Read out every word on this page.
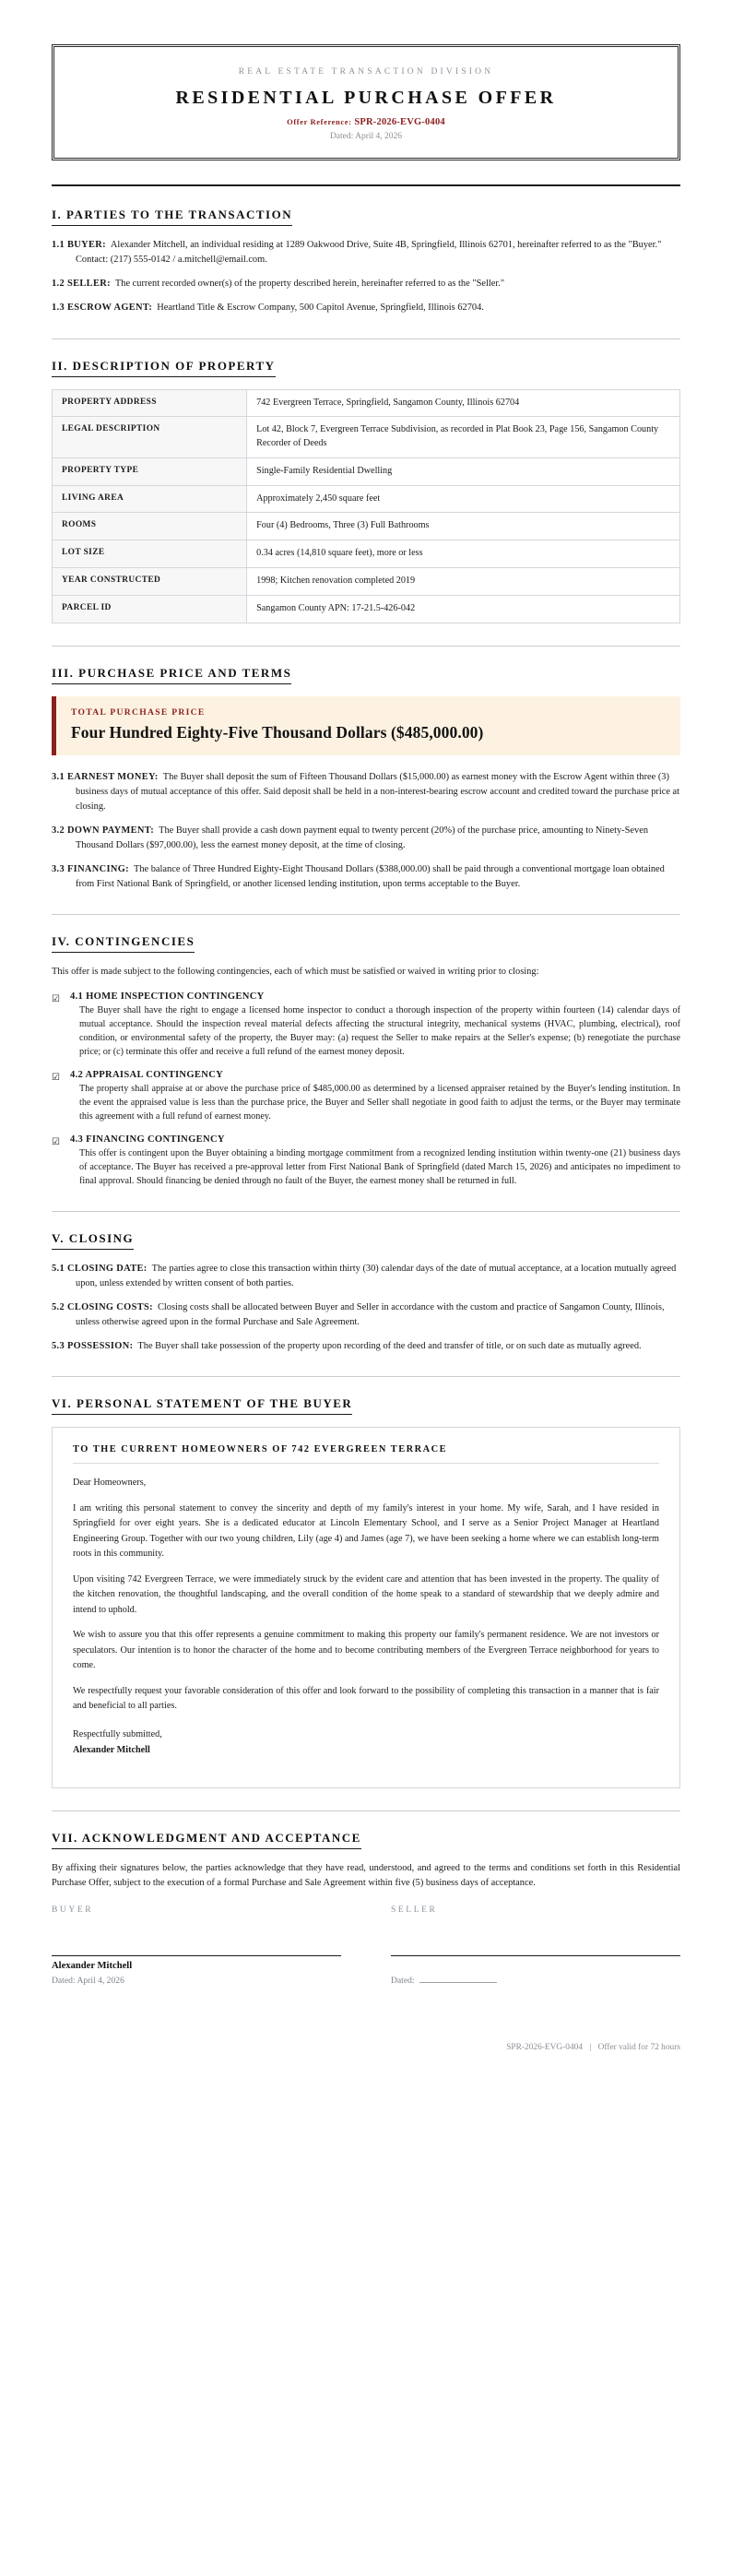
REAL ESTATE TRANSACTION DIVISION
RESIDENTIAL PURCHASE OFFER
Offer Reference: SPR-2026-EVG-0404
Dated: April 4, 2026
I. PARTIES TO THE TRANSACTION

1.1 BUYER: Alexander Mitchell, an individual residing at 1289 Oakwood Drive, Suite 4B, Springfield, Illinois 62701, hereinafter referred to as the "Buyer." Contact: (217) 555-0142 / a.mitchell@email.com.

1.2 SELLER: The current recorded owner(s) of the property described herein, hereinafter referred to as the "Seller."

1.3 ESCROW AGENT: Heartland Title & Escrow Company, 500 Capitol Avenue, Springfield, Illinois 62704.

II. DESCRIPTION OF PROPERTY
PROPERTY ADDRESS	742 Evergreen Terrace, Springfield, Sangamon County, Illinois 62704
LEGAL DESCRIPTION	Lot 42, Block 7, Evergreen Terrace Subdivision, as recorded in Plat Book 23, Page 156, Sangamon County Recorder of Deeds
PROPERTY TYPE	Single-Family Residential Dwelling
LIVING AREA	Approximately 2,450 square feet
ROOMS	Four (4) Bedrooms, Three (3) Full Bathrooms
LOT SIZE	0.34 acres (14,810 square feet), more or less
YEAR CONSTRUCTED	1998; Kitchen renovation completed 2019
PARCEL ID	Sangamon County APN: 17-21.5-426-042
III. PURCHASE PRICE AND TERMS
TOTAL PURCHASE PRICE
Four Hundred Eighty-Five Thousand Dollars ($485,000.00)

3.1 EARNEST MONEY: The Buyer shall deposit the sum of Fifteen Thousand Dollars ($15,000.00) as earnest money with the Escrow Agent within three (3) business days of mutual acceptance of this offer. Said deposit shall be held in a non-interest-bearing escrow account and credited toward the purchase price at closing.

3.2 DOWN PAYMENT: The Buyer shall provide a cash down payment equal to twenty percent (20%) of the purchase price, amounting to Ninety-Seven Thousand Dollars ($97,000.00), less the earnest money deposit, at the time of closing.

3.3 FINANCING: The balance of Three Hundred Eighty-Eight Thousand Dollars ($388,000.00) shall be paid through a conventional mortgage loan obtained from First National Bank of Springfield, or another licensed lending institution, upon terms acceptable to the Buyer.

IV. CONTINGENCIES

This offer is made subject to the following contingencies, each of which must be satisfied or waived in writing prior to closing:

☑	4.1 HOME INSPECTION CONTINGENCY
The Buyer shall have the right to engage a licensed home inspector to conduct a thorough inspection of the property within fourteen (14) calendar days of mutual acceptance. Should the inspection reveal material defects affecting the structural integrity, mechanical systems (HVAC, plumbing, electrical), roof condition, or environmental safety of the property, the Buyer may: (a) request the Seller to make repairs at the Seller's expense; (b) renegotiate the purchase price; or (c) terminate this offer and receive a full refund of the earnest money deposit.
☑	4.2 APPRAISAL CONTINGENCY
The property shall appraise at or above the purchase price of $485,000.00 as determined by a licensed appraiser retained by the Buyer's lending institution. In the event the appraised value is less than the purchase price, the Buyer and Seller shall negotiate in good faith to adjust the terms, or the Buyer may terminate this agreement with a full refund of earnest money.
☑	4.3 FINANCING CONTINGENCY
This offer is contingent upon the Buyer obtaining a binding mortgage commitment from a recognized lending institution within twenty-one (21) business days of acceptance. The Buyer has received a pre-approval letter from First National Bank of Springfield (dated March 15, 2026) and anticipates no impediment to final approval. Should financing be denied through no fault of the Buyer, the earnest money shall be returned in full.
V. CLOSING

5.1 CLOSING DATE: The parties agree to close this transaction within thirty (30) calendar days of the date of mutual acceptance, at a location mutually agreed upon, unless extended by written consent of both parties.

5.2 CLOSING COSTS: Closing costs shall be allocated between Buyer and Seller in accordance with the custom and practice of Sangamon County, Illinois, unless otherwise agreed upon in the formal Purchase and Sale Agreement.

5.3 POSSESSION: The Buyer shall take possession of the property upon recording of the deed and transfer of title, or on such date as mutually agreed.

VI. PERSONAL STATEMENT OF THE BUYER
TO THE CURRENT HOMEOWNERS OF 742 EVERGREEN TERRACE

Dear Homeowners,

I am writing this personal statement to convey the sincerity and depth of my family's interest in your home. My wife, Sarah, and I have resided in Springfield for over eight years. She is a dedicated educator at Lincoln Elementary School, and I serve as a Senior Project Manager at Heartland Engineering Group. Together with our two young children, Lily (age 4) and James (age 7), we have been seeking a home where we can establish long-term roots in this community.

Upon visiting 742 Evergreen Terrace, we were immediately struck by the evident care and attention that has been invested in the property. The quality of the kitchen renovation, the thoughtful landscaping, and the overall condition of the home speak to a standard of stewardship that we deeply admire and intend to uphold.

We wish to assure you that this offer represents a genuine commitment to making this property our family's permanent residence. We are not investors or speculators. Our intention is to honor the character of the home and to become contributing members of the Evergreen Terrace neighborhood for years to come.

We respectfully request your favorable consideration of this offer and look forward to the possibility of completing this transaction in a manner that is fair and beneficial to all parties.

Respectfully submitted,
Alexander Mitchell
VII. ACKNOWLEDGMENT AND ACCEPTANCE

By affixing their signatures below, the parties acknowledge that they have read, understood, and agreed to the terms and conditions set forth in this Residential Purchase Offer, subject to the execution of a formal Purchase and Sale Agreement within five (5) business days of acceptance.

BUYER
Alexander Mitchell
Dated: April 4, 2026
SELLER
Dated:
SPR-2026-EVG-0404 | Offer valid for 72 hours
